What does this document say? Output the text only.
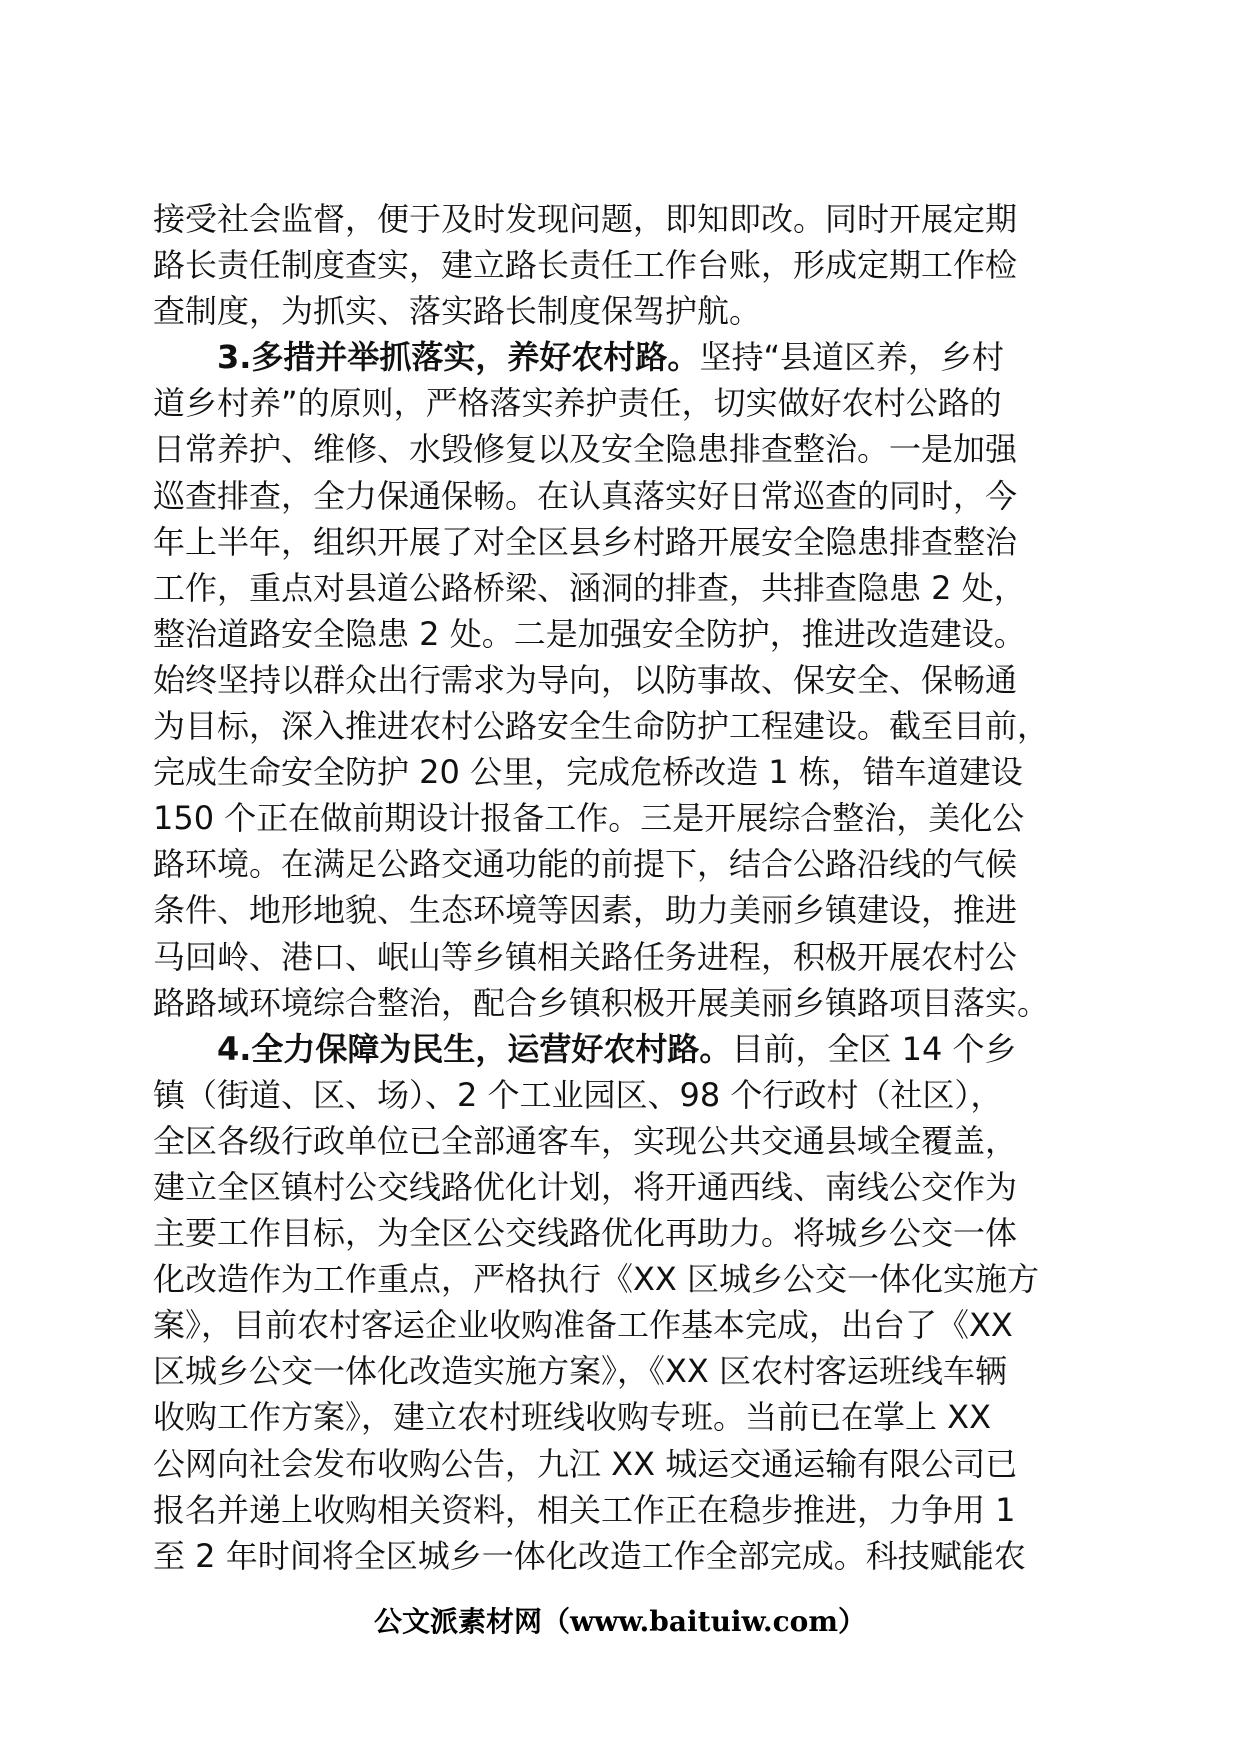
接受社会监督，便于及时发现问题，即知即改。同时开展定期
路长责任制度查实，建立路长责任工作台账，形成定期工作检
查制度，为抓实、落实路长制度保驾护航。
3.多措并举抓落实，养好农村路。坚持“县道区养，乡村
道乡村养”的原则，严格落实养护责任，切实做好农村公路的
日常养护、维修、水毁修复以及安全隐患排查整治。一是加强
巡查排查，全力保通保畅。在认真落实好日常巡查的同时，今
年上半年，组织开展了对全区县乡村路开展安全隐患排查整治
工作，重点对县道公路桥梁、涵洞的排查，共排查隐患 2 处，
整治道路安全隐患 2 处。二是加强安全防护，推进改造建设。
始终坚持以群众出行需求为导向，以防事故、保安全、保畅通
为目标，深入推进农村公路安全生命防护工程建设。截至目前，
完成生命安全防护 20 公里，完成危桥改造 1 栋，错车道建设
150 个正在做前期设计报备工作。三是开展综合整治，美化公
路环境。在满足公路交通功能的前提下，结合公路沿线的气候
条件、地形地貌、生态环境等因素，助力美丽乡镇建设，推进
马回岭、港口、岷山等乡镇相关路任务进程，积极开展农村公
路路域环境综合整治，配合乡镇积极开展美丽乡镇路项目落实。
4.全力保障为民生，运营好农村路。目前，全区 14 个乡
镇（街道、区、场）、2 个工业园区、98 个行政村（社区），
全区各级行政单位已全部通客车，实现公共交通县域全覆盖，
建立全区镇村公交线路优化计划，将开通西线、南线公交作为
主要工作目标，为全区公交线路优化再助力。将城乡公交一体
化改造作为工作重点，严格执行《XX 区城乡公交一体化实施方
案》，目前农村客运企业收购准备工作基本完成，出台了《XX
区城乡公交一体化改造实施方案》，《XX 区农村客运班线车辆
收购工作方案》，建立农村班线收购专班。当前已在掌上 XX
公网向社会发布收购公告，九江 XX 城运交通运输有限公司已
报名并递上收购相关资料，相关工作正在稳步推进，力争用 1
至 2 年时间将全区城乡一体化改造工作全部完成。科技赋能农
公文派素材网（www.baituiw.com）
